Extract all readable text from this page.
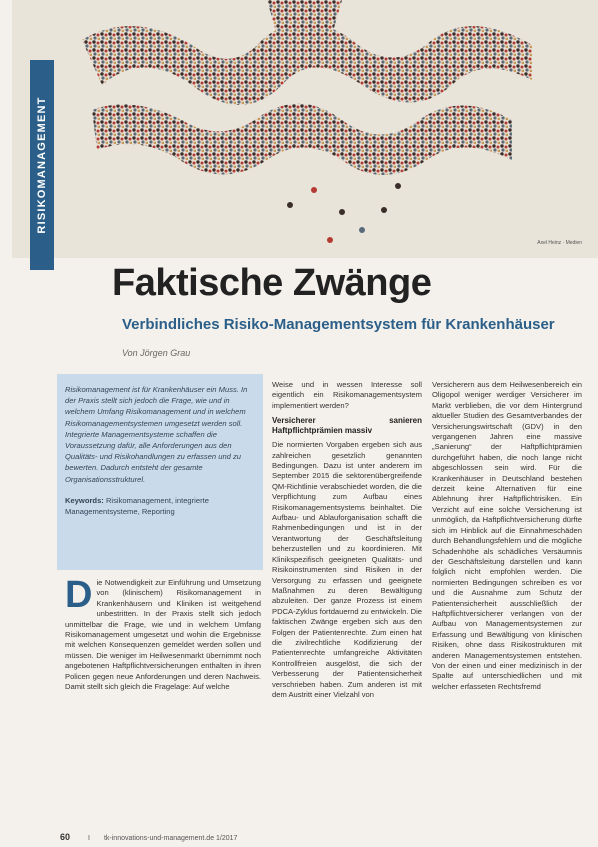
RISIKOMANAGEMENT
Axel Heinz · Medien
Faktische Zwänge
Verbindliches Risiko-Managementsystem für Krankenhäuser
Von Jörgen Grau
Risikomanagement ist für Krankenhäuser ein Muss. In der Praxis stellt sich jedoch die Frage, wie und in welchem Umfang Risikomanagement und in welchem Risikomanagementsystemen umgesetzt werden soll. Integrierte Managementsysteme schaffen die Voraussetzung dafür, alle Anforderungen aus den Qualitäts- und Risikohandlungen zu erfassen und zu bewerten. Dadurch entsteht der gesamte Organisationsstrukturel.
Keywords: Risikomanagement, integrierte Managementsysteme, Reporting
Die Notwendigkeit zur Einführung und Umsetzung von (klinischem) Risikomanagement in Krankenhäusern und Kliniken ist weitgehend unbestritten. In der Praxis stellt sich jedoch unmittelbar die Frage, wie und in welchem Umfang Risikomanagement umgesetzt und wohin die Ergebnisse mit welchen Konsequenzen gemeldet werden sollen und müssen. Die weniger im Heilwesenmarkt übernimmt noch angebotenen Haftpflichtversicherungen enthalten in ihren Policen gegen neue Anforderungen und deren Nachweis. Damit stellt sich gleich die Fragelage: Auf welche
Weise und in wessen Interesse soll eigentlich ein Risikomanagementsystem implementiert werden?
Versicherer sanieren Haftpflichtprämien massiv
Die normierten Vorgaben ergeben sich aus zahlreichen gesetzlich genannten Bedingungen. Dazu ist unter anderem im September 2015 die sektorenübergreifende QM-Richtlinie verabschiedet worden, die die Verpflichtung zum Aufbau eines Risikomanagementsystems beinhaltet. Die Aufbau- und Ablauforganisation schafft die Rahmenbedingungen und ist in der Verantwortung der Geschäftsleitung beherzustellen und zu koordinieren. Mit Klinikspezifisch geeigneten Qualitäts- und Risikoinstrumenten sind Risiken in der Versorgung zu erfassen und geeignete Maßnahmen zu deren Bewältigung abzuleiten. Der ganze Prozess ist einem PDCA-Zyklus fortdauernd zu entwickeln. Die faktischen Zwänge ergeben sich aus den Folgen der Patientenrechte. Zum einen hat die zivilrechtliche Kodifizierung der Patientenrechte umfangreiche Aktivitäten Kontrollfreien ausgelöst, die sich der Verbesserung der Patientensicherheit verschrieben haben. Zum anderen ist mit dem Austritt einer Vielzahl von
Versicherern aus dem Heilwesenbereich ein Oligopol weniger werdiger Versicherer im Markt verblieben, die vor dem Hintergrund aktueller Studien des Gesamtverbandes der Versicherungswirtschaft (GDV) in den vergangenen Jahren eine massive „Sanierung“ der Haftpflichtprämien durchgeführt haben, die noch lange nicht abgeschlossen sein wird. Für die Krankenhäuser in Deutschland bestehen derzeit keine Alternativen für eine Ablehnung ihrer Haftpflichtrisiken. Ein Verzicht auf eine solche Versicherung ist unmöglich, da Haftpflichtversicherung dürfte sich im Hinblick auf die Einnahmeschäden durch Behandlungsfehlern und die mögliche Schadenhöhe als schädliches Versäumnis der Geschäftsleitung darstellen und kann folglich nicht empfohlen werden. Die normierten Bedingungen schreiben es vor und die Ausnahme zum Schutz der Patientensicherheit ausschließlich der Haftpflichtversicherer verlangen von der Aufbau von Managementsystemen zur Erfassung und Bewältigung von klinischen Risiken, ohne dass Risikostrukturen mit anderen Managementsystemen entstehen. Von der einen und einer medizinisch in der Spalte auf unterschiedlichen und mit welcher erfasseten Rechtsfremd
60	I tk-innovations-und-management.de 1/2017
